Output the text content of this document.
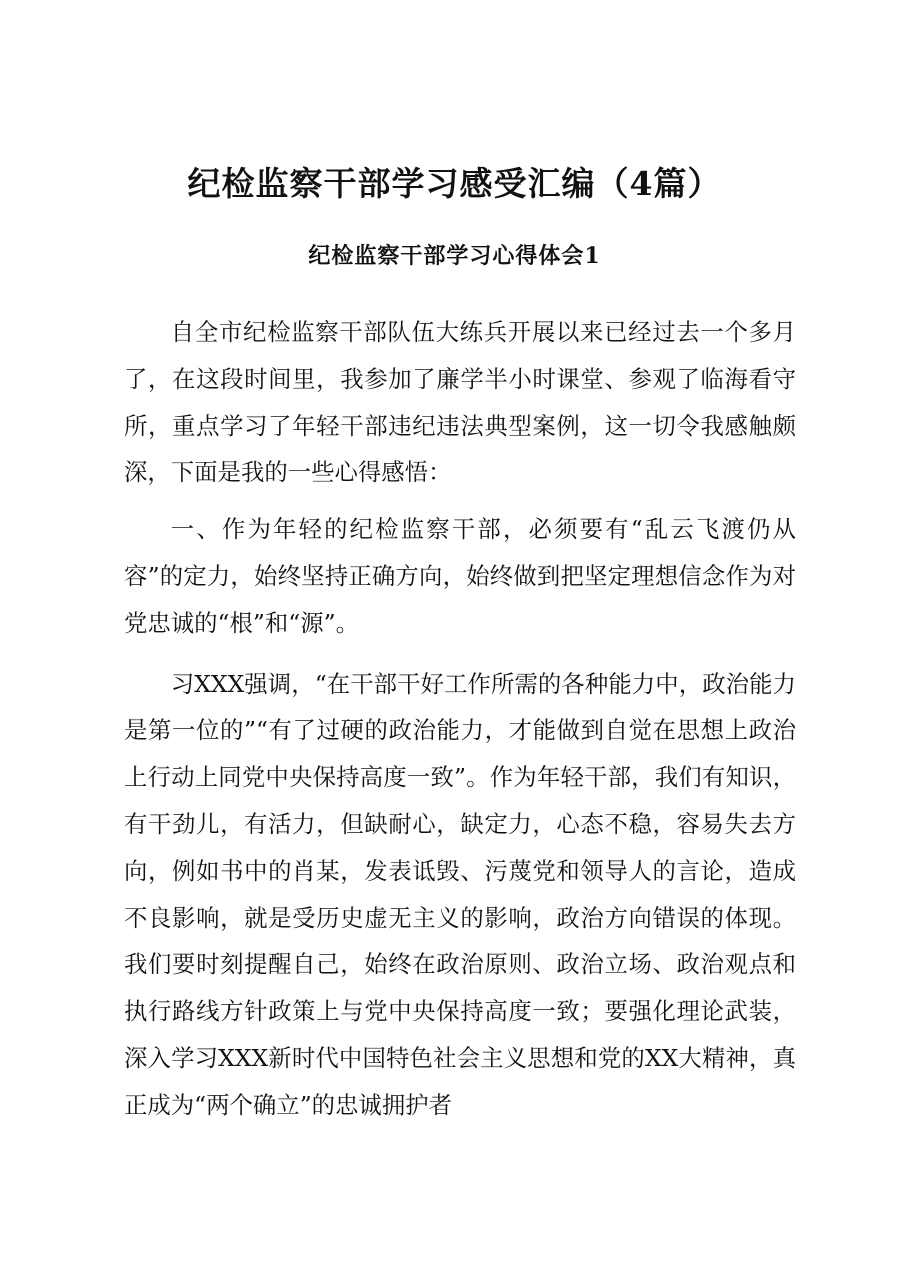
纪检监察干部学习感受汇编（4篇）
纪检监察干部学习心得体会1

自全市纪检监察干部队伍大练兵开展以来已经过去一个多月了，在这段时间里，我参加了廉学半小时课堂、参观了临海看守所，重点学习了年轻干部违纪违法典型案例，这一切令我感触颇深，下面是我的一些心得感悟：

一、作为年轻的纪检监察干部，必须要有“乱云飞渡仍从容”的定力，始终坚持正确方向，始终做到把坚定理想信念作为对党忠诚的“根”和“源”。

习XXX强调，“在干部干好工作所需的各种能力中，政治能力是第一位的”“有了过硬的政治能力，才能做到自觉在思想上政治上行动上同党中央保持高度一致”。作为年轻干部，我们有知识，有干劲儿，有活力，但缺耐心，缺定力，心态不稳，容易失去方向，例如书中的肖某，发表诋毁、污蔑党和领导人的言论，造成不良影响，就是受历史虚无主义的影响，政治方向错误的体现。我们要时刻提醒自己，始终在政治原则、政治立场、政治观点和执行路线方针政策上与党中央保持高度一致；要强化理论武装，深入学习XXX新时代中国特色社会主义思想和党的XX大精神，真正成为“两个确立”的忠诚拥护者
